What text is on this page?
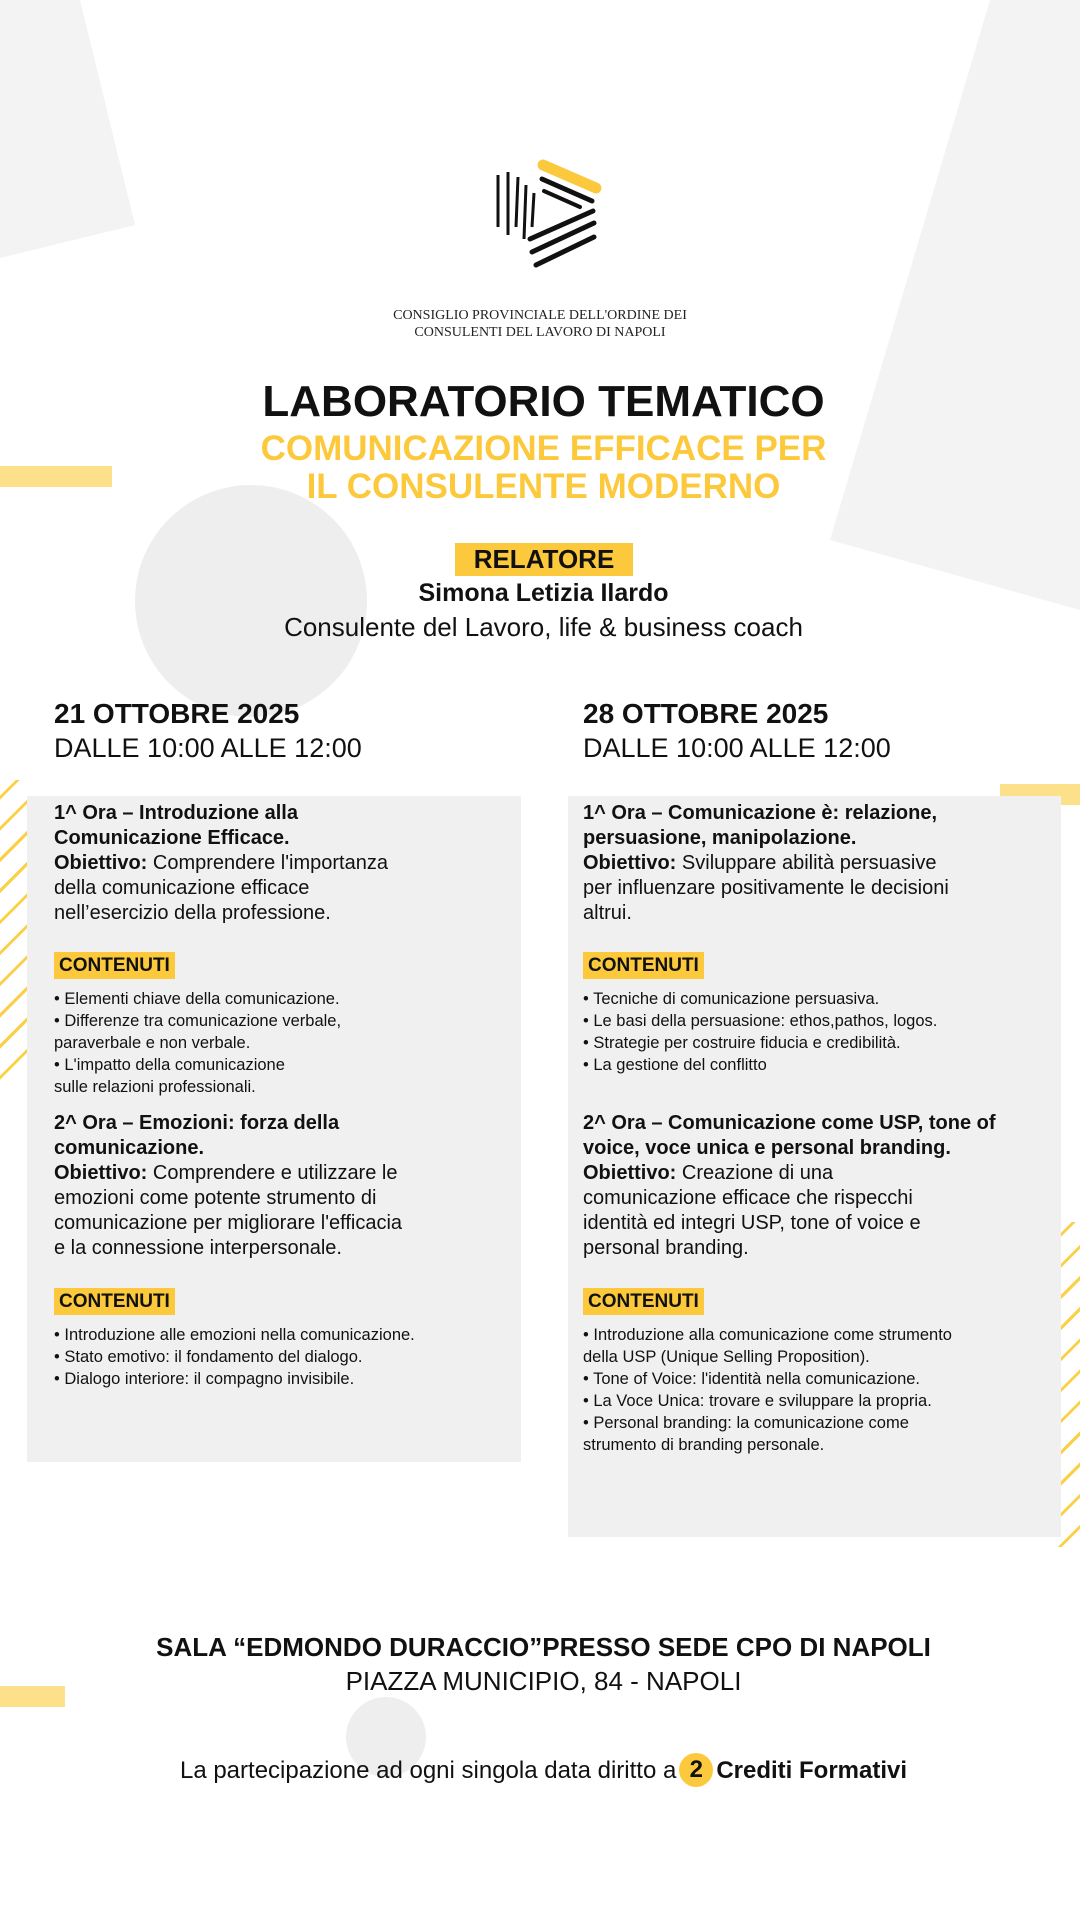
CONSIGLIO PROVINCIALE DELL'ORDINE DEI
CONSULENTI DEL LAVORO DI NAPOLI
LABORATORIO TEMATICO
COMUNICAZIONE EFFICACE PER
IL CONSULENTE MODERNO
RELATORE
Simona Letizia Ilardo
Consulente del Lavoro, life & business coach
21 OTTOBRE 2025
DALLE 10:00 ALLE 12:00
28 OTTOBRE 2025
DALLE 10:00 ALLE 12:00
1^ Ora – Introduzione alla
Comunicazione Efficace.
Obiettivo: Comprendere l'importanza
della comunicazione efficace
nell’esercizio della professione.
CONTENUTI
• Elementi chiave della comunicazione.
• Differenze tra comunicazione verbale,
paraverbale e non verbale.
• L'impatto della comunicazione
sulle relazioni professionali.
2^ Ora – Emozioni: forza della
comunicazione.
Obiettivo: Comprendere e utilizzare le
emozioni come potente strumento di
comunicazione per migliorare l'efficacia
e la connessione interpersonale.
CONTENUTI
• Introduzione alle emozioni nella comunicazione.
• Stato emotivo: il fondamento del dialogo.
• Dialogo interiore: il compagno invisibile.
1^ Ora – Comunicazione è: relazione,
persuasione, manipolazione.
Obiettivo: Sviluppare abilità persuasive
per influenzare positivamente le decisioni
altrui.
CONTENUTI
• Tecniche di comunicazione persuasiva.
• Le basi della persuasione: ethos,pathos, logos.
• Strategie per costruire fiducia e credibilità.
• La gestione del conflitto
2^ Ora – Comunicazione come USP, tone of
voice, voce unica e personal branding.
Obiettivo: Creazione di una
comunicazione efficace che rispecchi
identità ed integri USP, tone of voice e
personal branding.
CONTENUTI
• Introduzione alla comunicazione come strumento
della USP (Unique Selling Proposition).
• Tone of Voice: l'identità nella comunicazione.
• La Voce Unica: trovare e sviluppare la propria.
• Personal branding: la comunicazione come
strumento di branding personale.
SALA “EDMONDO DURACCIO”PRESSO SEDE CPO DI NAPOLI
PIAZZA MUNICIPIO, 84 - NAPOLI
La partecipazione ad ogni singola data diritto a 2 Crediti Formativi
